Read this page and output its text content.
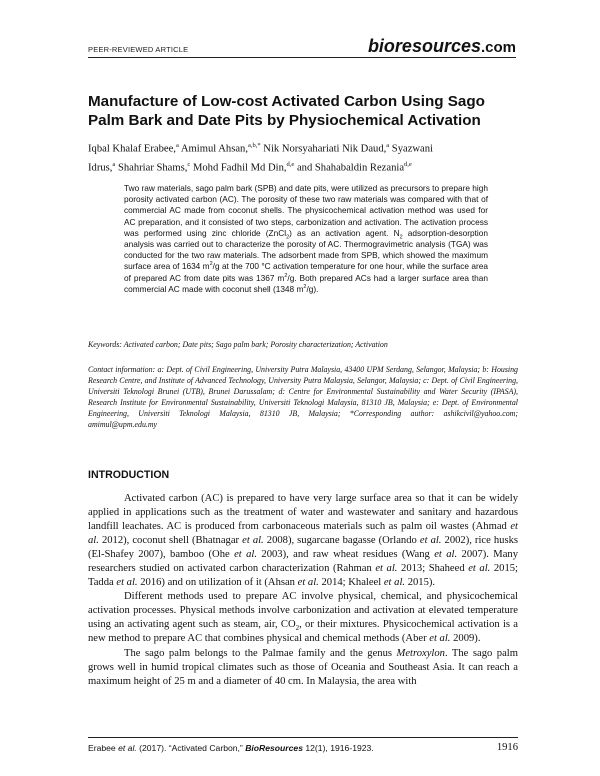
PEER-REVIEWED ARTICLE	bioresources.com
Manufacture of Low-cost Activated Carbon Using Sago
Palm Bark and Date Pits by Physiochemical Activation
Iqbal Khalaf Erabee,$^a$ Amimul Ahsan,$^{a,b,*}$ Nik Norsyahariati Nik Daud,$^a$ Syazwani
Idrus,$^a$ Shahriar Shams,$^c$ Mohd Fadhil Md Din,$^{d,e}$ and Shahabaldin Rezania$^{d,e}$
Two raw materials, sago palm bark (SPB) and date pits, were utilized as precursors to prepare high porosity activated carbon (AC). The porosity of these two raw materials was compared with that of commercial AC made from coconut shells. The physicochemical activation method was used for AC preparation, and it consisted of two steps, carbonization and activation. The activation process was performed using zinc chloride (ZnCl$_2$) as an activation agent. $N_2$ adsorption-desorption analysis was carried out to characterize the porosity of AC. Thermogravimetric analysis (TGA) was conducted for the two raw materials. The adsorbent made from SPB, which showed the maximum surface area of 1634 $m^2/g$ at the 700 °C activation temperature for one hour, while the surface area of prepared AC from date pits was 1367 $m^2/g$. Both prepared ACs had a larger surface area than commercial AC made with coconut shell (1348 $m^2/g$).
Keywords: Activated carbon; Date pits; Sago palm bark; Porosity characterization; Activation
Contact information: a: Dept. of Civil Engineering, University Putra Malaysia, 43400 UPM Serdang, Selangor, Malaysia; b: Housing Research Centre, and Institute of Advanced Technology, University Putra Malaysia, Selangor, Malaysia; c: Dept. of Civil Engineering, Universiti Teknologi Brunei (UTB), Brunei Darussalam; d: Centre for Environmental Sustainability and Water Security (IPASA), Research Institute for Environmental Sustainability, Universiti Teknologi Malaysia, 81310 JB, Malaysia; e: Dept. of Environmental Engineering, Universiti Teknologi Malaysia, 81310 JB, Malaysia; *Corresponding author: ashikcivil@yahoo.com; amimul@upm.edu.my
INTRODUCTION

Activated carbon (AC) is prepared to have very large surface area so that it can be widely applied in applications such as the treatment of water and wastewater and sanitary and hazardous landfill leachates. AC is produced from carbonaceous materials such as palm oil wastes (Ahmad et al. 2012), coconut shell (Bhatnagar et al. 2008), sugarcane bagasse (Orlando et al. 2002), rice husks (El-Shafey 2007), bamboo (Ohe et al. 2003), and raw wheat residues (Wang et al. 2007). Many researchers studied on activated carbon characterization (Rahman et al. 2013; Shaheed et al. 2015; Tadda et al. 2016) and on utilization of it (Ahsan et al. 2014; Khaleel et al. 2015).

Different methods used to prepare AC involve physical, chemical, and physicochemical activation processes. Physical methods involve carbonization and activation at elevated temperature using an activating agent such as steam, air, $CO_2$, or their mixtures. Physicochemical activation is a new method to prepare AC that combines physical and chemical methods (Aber et al. 2009).

The sago palm belongs to the Palmae family and the genus Metroxylon. The sago palm grows well in humid tropical climates such as those of Oceania and Southeast Asia. It can reach a maximum height of 25 m and a diameter of 40 cm. In Malaysia, the area with

Erabee et al. (2017). “Activated Carbon,” BioResources 12(1), 1916-1923.	1916
